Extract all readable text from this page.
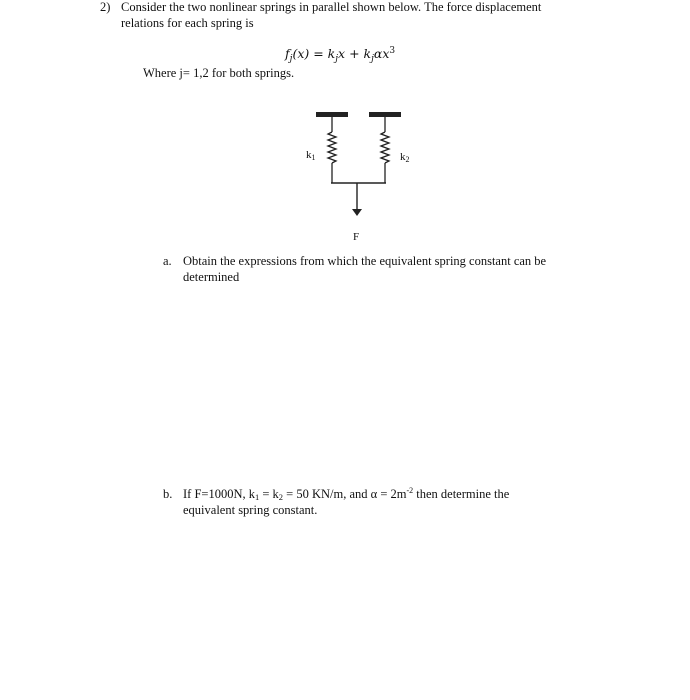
2) Consider the two nonlinear springs in parallel shown below. The force displacement
relations for each spring is
$f_j(x) = k_jx + k_j\alpha x^3$
Where j= 1,2 for both springs.
k1	k2
F
a. Obtain the expressions from which the equivalent spring constant can be
determined
b. If F=1000N, $k_1 = k_2 = 50$ KN/m, and $\alpha = 2m^{-2}$ then determine the
equivalent spring constant.
